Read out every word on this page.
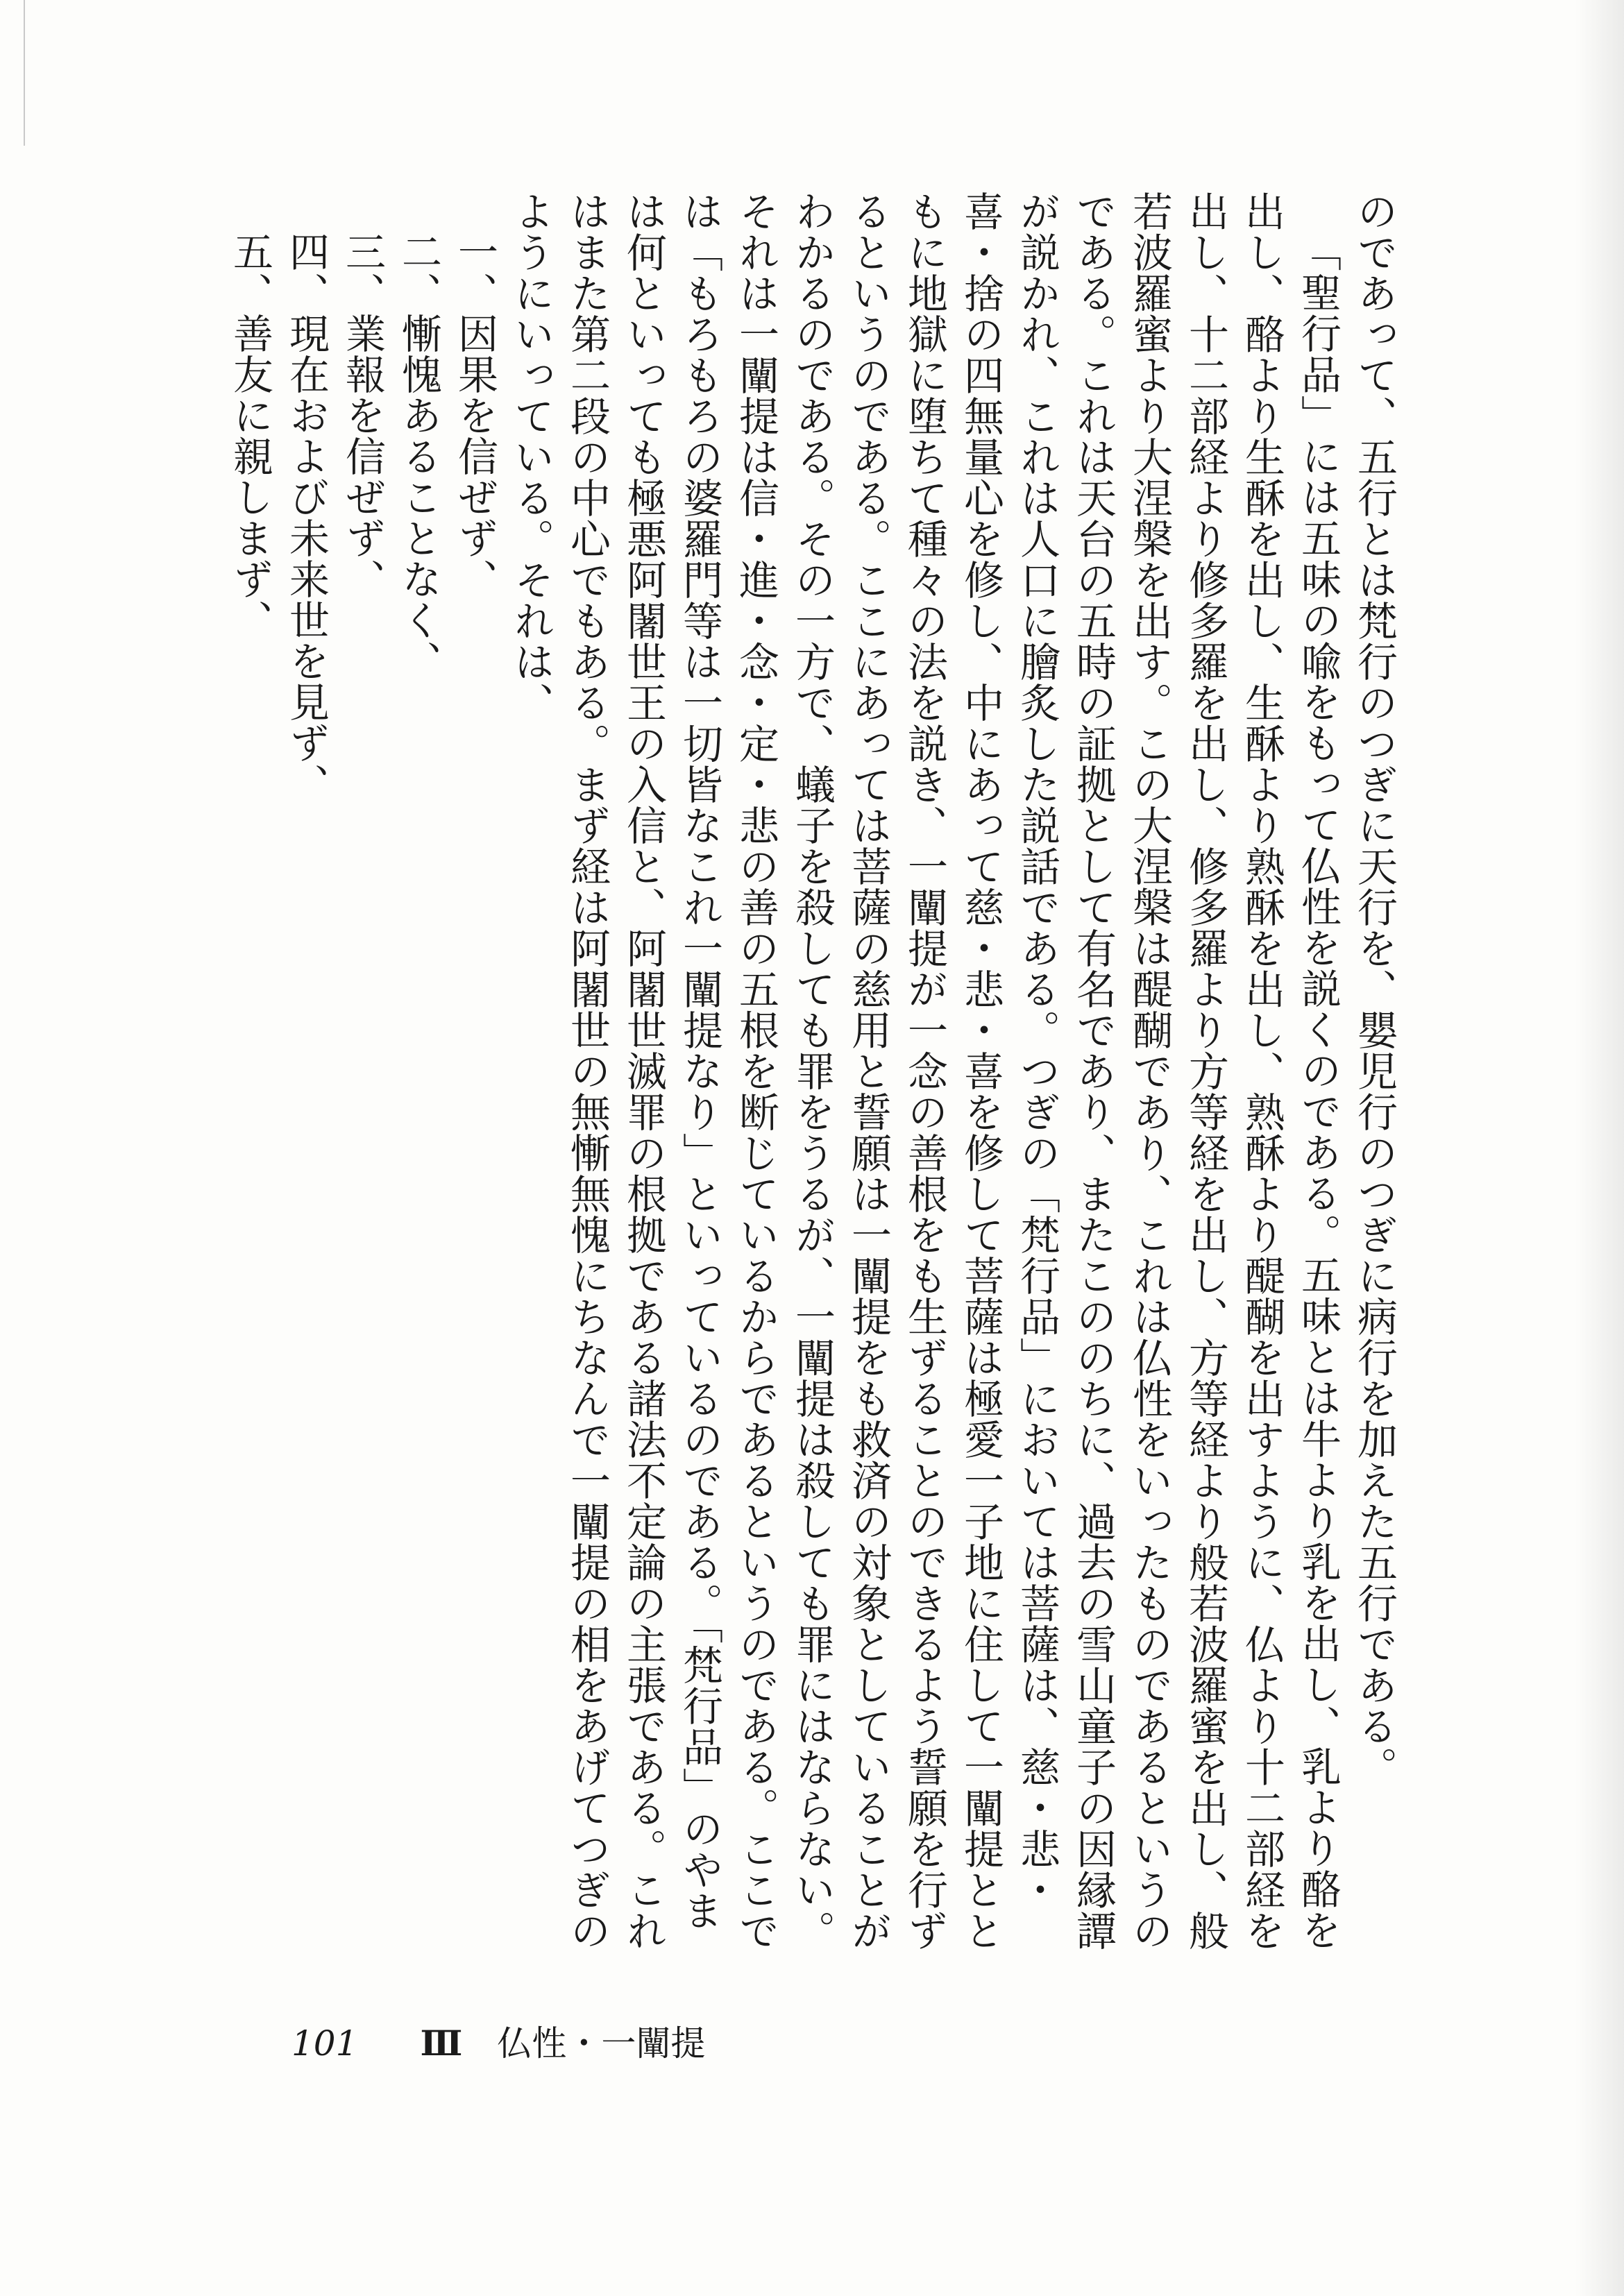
のであって、五行とは梵行のつぎに天行を、嬰児行のつぎに病行を加えた五行である。

「聖行品」には五味の喩をもって仏性を説くのである。五味とは牛より乳を出し、乳より酪を出し、酪より生酥を出し、生酥より熟酥を出し、熟酥より醍醐を出すように、仏より十二部経を出し、十二部経より修多羅を出し、修多羅より方等経を出し、方等経より般若波羅蜜を出し、般若波羅蜜より大涅槃を出す。この大涅槃は醍醐であり、これは仏性をいったものであるというのである。これは天台の五時の証拠として有名であり、またこののちに、過去の雪山童子の因縁譚が説かれ、これは人口に膾炙した説話である。つぎの「梵行品」においては菩薩は、慈・悲・喜・捨の四無量心を修し、中にあって慈・悲・喜を修して菩薩は極愛一子地に住して一闡提とともに地獄に堕ちて種々の法を説き、一闡提が一念の善根をも生ずることのできるよう誓願を行ずるというのである。ここにあっては菩薩の慈用と誓願は一闡提をも救済の対象としていることがわかるのである。その一方で、蟻子を殺しても罪をうるが、一闡提は殺しても罪にはならない。それは一闡提は信・進・念・定・悲の善の五根を断じているからであるというのである。ここでは「もろもろの婆羅門等は一切皆なこれ一闡提なり」といっているのである。「梵行品」のやまは何といっても極悪阿闍世王の入信と、阿闍世滅罪の根拠である諸法不定論の主張である。これはまた第二段の中心でもある。まず経は阿闍世の無慚無愧にちなんで一闡提の相をあげてつぎのようにいっている。それは、

一、因果を信ぜず、

二、慚愧あることなく、

三、業報を信ぜず、

四、現在および未来世を見ず、

五、善友に親しまず、

101 Ⅲ 仏性・一闡提
